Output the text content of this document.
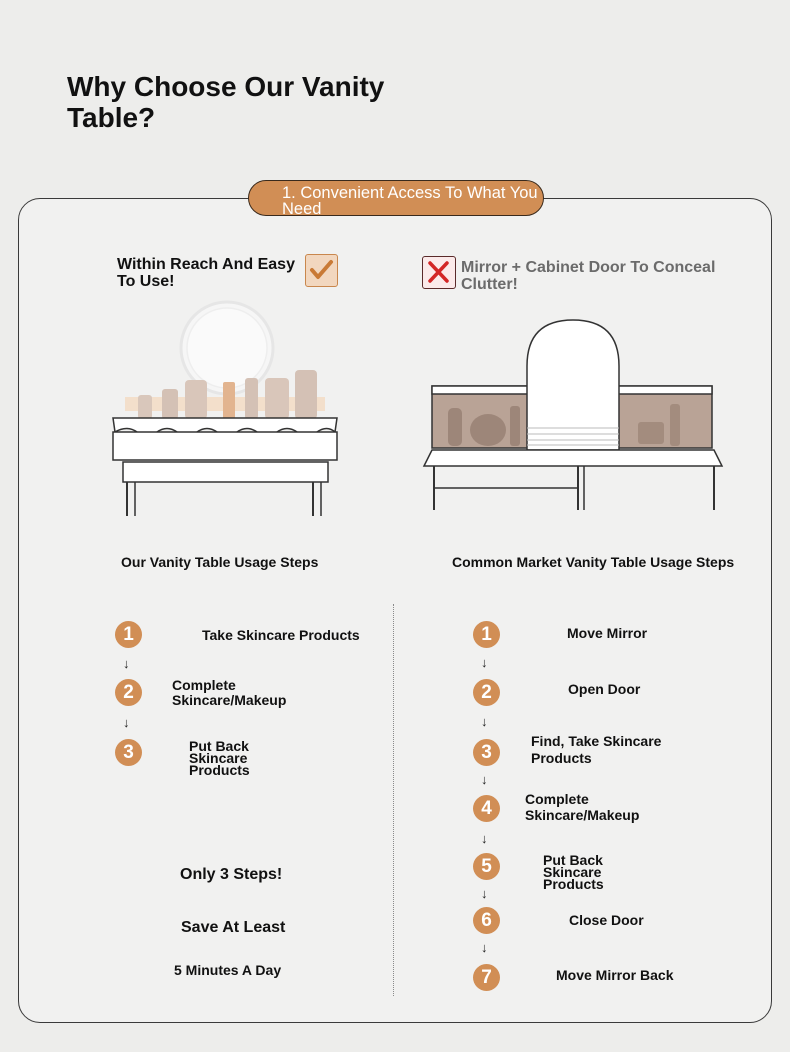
Why Choose Our Vanity Table?
1. Convenient Access To What You Need

Within Reach And Easy To Use!

Mirror + Cabinet Door To Conceal Clutter!

Our Vanity Table Usage Steps	Common Market Vanity Table Usage Steps

1	Take Skincare Products

↓
2	Complete Skincare/Makeup

↓
3	Put Back Skincare Products

Only 3 Steps!

Save At Least

5 Minutes A Day

1	Move Mirror

↓
2	Open Door

↓
3

Find, Take Skincare Products

↓
4	Complete Skincare/Makeup

↓
5	Put Back Skincare Products

↓
6	Close Door

↓
7	Move Mirror Back
